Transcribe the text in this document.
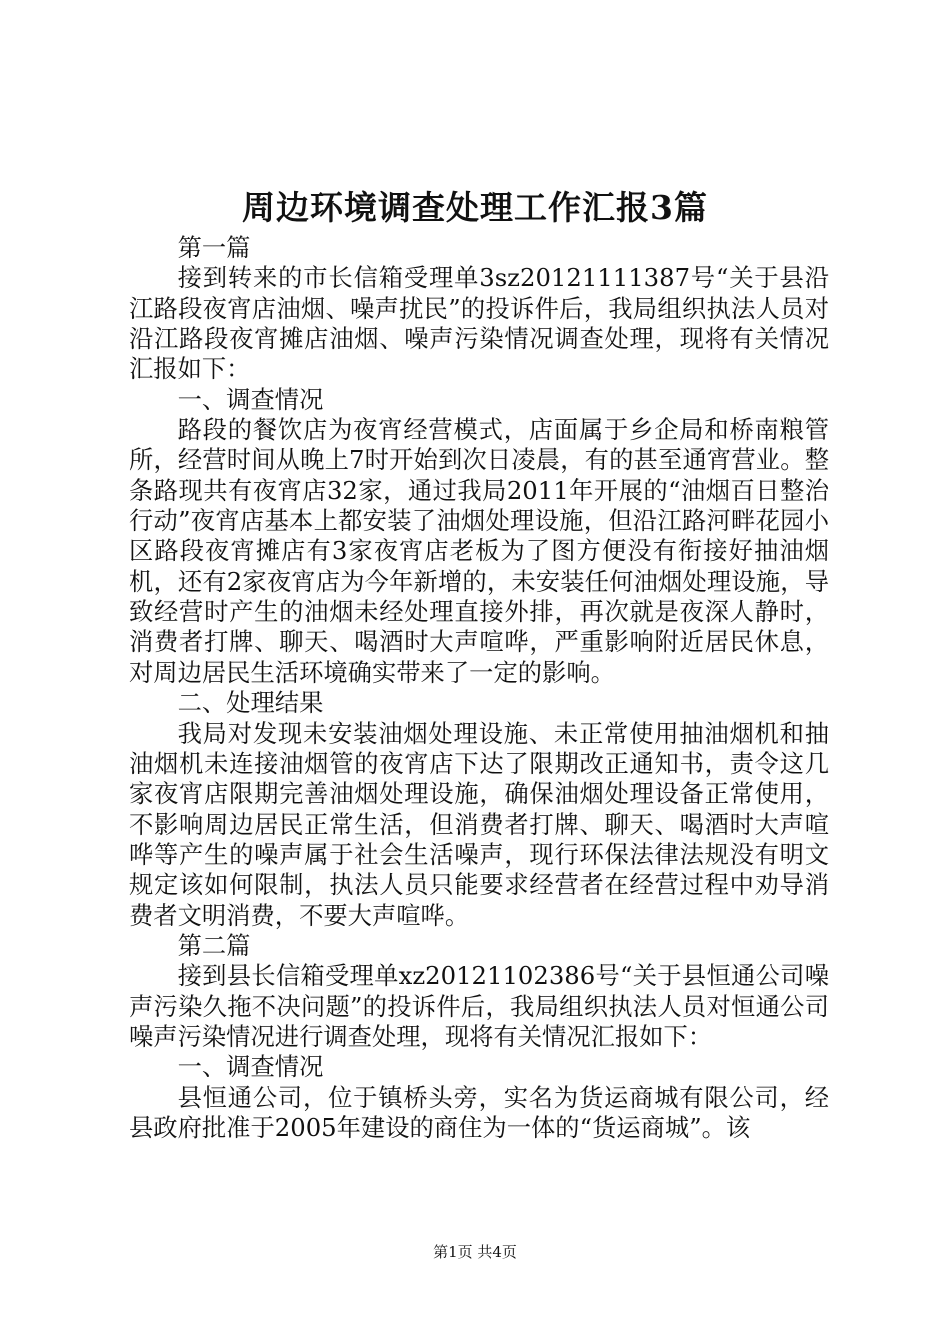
周边环境调查处理工作汇报3篇

第一篇

接到转来的市长信箱受理单3sz20121111387号“关于县沿江路段夜宵店油烟、噪声扰民”的投诉件后，我局组织执法人员对沿江路段夜宵摊店油烟、噪声污染情况调查处理，现将有关情况汇报如下：

一、调查情况

路段的餐饮店为夜宵经营模式，店面属于乡企局和桥南粮管所，经营时间从晚上7时开始到次日凌晨，有的甚至通宵营业。整条路现共有夜宵店32家，通过我局2011年开展的“油烟百日整治行动”夜宵店基本上都安装了油烟处理设施，但沿江路河畔花园小区路段夜宵摊店有3家夜宵店老板为了图方便没有衔接好抽油烟机，还有2家夜宵店为今年新增的，未安装任何油烟处理设施，导致经营时产生的油烟未经处理直接外排，再次就是夜深人静时，消费者打牌、聊天、喝酒时大声喧哗，严重影响附近居民休息，对周边居民生活环境确实带来了一定的影响。

二、处理结果

我局对发现未安装油烟处理设施、未正常使用抽油烟机和抽油烟机未连接油烟管的夜宵店下达了限期改正通知书，责令这几家夜宵店限期完善油烟处理设施，确保油烟处理设备正常使用，不影响周边居民正常生活，但消费者打牌、聊天、喝酒时大声喧哗等产生的噪声属于社会生活噪声，现行环保法律法规没有明文规定该如何限制，执法人员只能要求经营者在经营过程中劝导消费者文明消费，不要大声喧哗。

第二篇

接到县长信箱受理单xz20121102386号“关于县恒通公司噪声污染久拖不决问题”的投诉件后，我局组织执法人员对恒通公司噪声污染情况进行调查处理，现将有关情况汇报如下：

一、调查情况

县恒通公司，位于镇桥头旁，实名为货运商城有限公司，经县政府批准于2005年建设的商住为一体的“货运商城”。该

第1页 共4页
